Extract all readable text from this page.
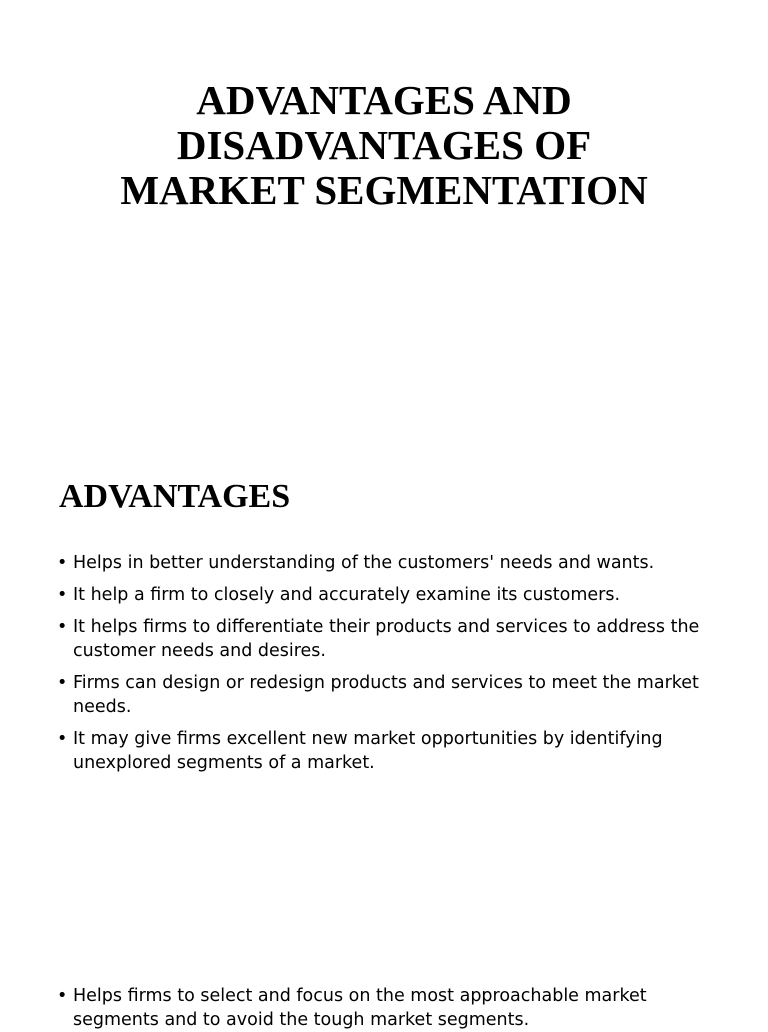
ADVANTAGES AND
DISADVANTAGES OF
MARKET SEGMENTATION
ADVANTAGES
• Helps in better understanding of the customers' needs and wants.
• It help a firm to closely and accurately examine its customers.
• It helps firms to differentiate their products and services to address the customer needs and desires.
• Firms can design or redesign products and services to meet the market needs.
• It may give firms excellent new market opportunities by identifying unexplored segments of a market.
• Helps firms to select and focus on the most approachable market segments and to avoid the tough market segments.
